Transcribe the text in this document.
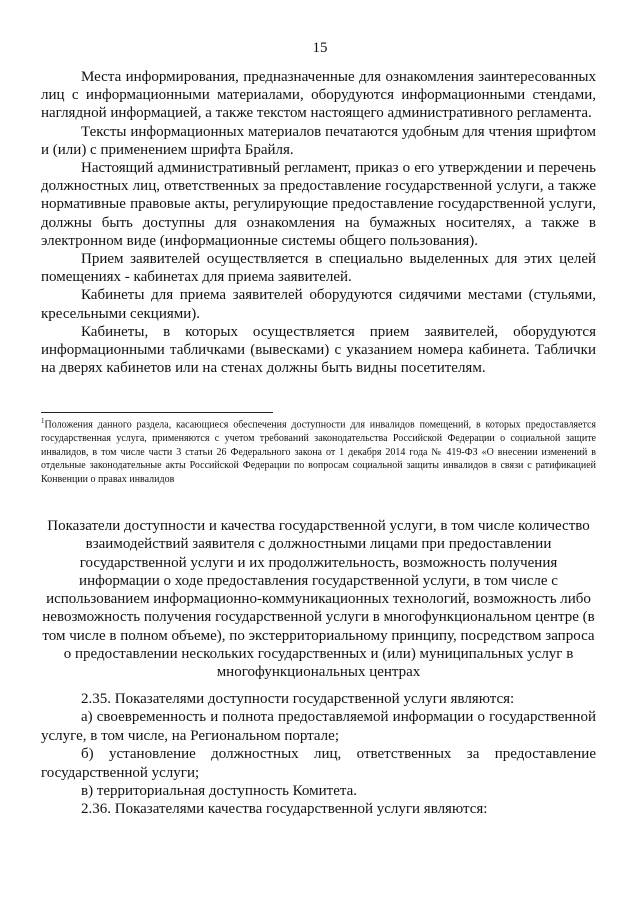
15

Места информирования, предназначенные для ознакомления заинтересованных лиц с информационными материалами, оборудуются информационными стендами, наглядной информацией, а также текстом настоящего административного регламента.

Тексты информационных материалов печатаются удобным для чтения шрифтом и (или) с применением шрифта Брайля.

Настоящий административный регламент, приказ о его утверждении и перечень должностных лиц, ответственных за предоставление государственной услуги, а также нормативные правовые акты, регулирующие предоставление государственной услуги, должны быть доступны для ознакомления на бумажных носителях, а также в электронном виде (информационные системы общего пользования).

Прием заявителей осуществляется в специально выделенных для этих целей помещениях - кабинетах для приема заявителей.

Кабинеты для приема заявителей оборудуются сидячими местами (стульями, кресельными секциями).

Кабинеты, в которых осуществляется прием заявителей, оборудуются информационными табличками (вывесками) с указанием номера кабинета. Таблички на дверях кабинетов или на стенах должны быть видны посетителям.

$^1$Положения данного раздела, касающиеся обеспечения доступности для инвалидов помещений, в которых предоставляется государственная услуга, применяются с учетом требований законодательства Российской Федерации о социальной защите инвалидов, в том числе части 3 статьи 26 Федерального закона от 1 декабря 2014 года № 419-ФЗ «О внесении изменений в отдельные законодательные акты Российской Федерации по вопросам социальной защиты инвалидов в связи с ратификацией Конвенции о правах инвалидов
Показатели доступности и качества государственной услуги, в том числе количество взаимодействий заявителя с должностными лицами при предоставлении государственной услуги и их продолжительность, возможность получения информации о ходе предоставления государственной услуги, в том числе с использованием информационно-коммуникационных технологий, возможность либо невозможность получения государственной услуги в многофункциональном центре (в том числе в полном объеме), по экстерриториальному принципу, посредством запроса о предоставлении нескольких государственных и (или) муниципальных услуг в многофункциональных центрах

2.35. Показателями доступности государственной услуги являются:

а) своевременность и полнота предоставляемой информации о государственной услуге, в том числе, на Региональном портале;

б) установление должностных лиц, ответственных за предоставление государственной услуги;

в) территориальная доступность Комитета.

2.36. Показателями качества государственной услуги являются:
